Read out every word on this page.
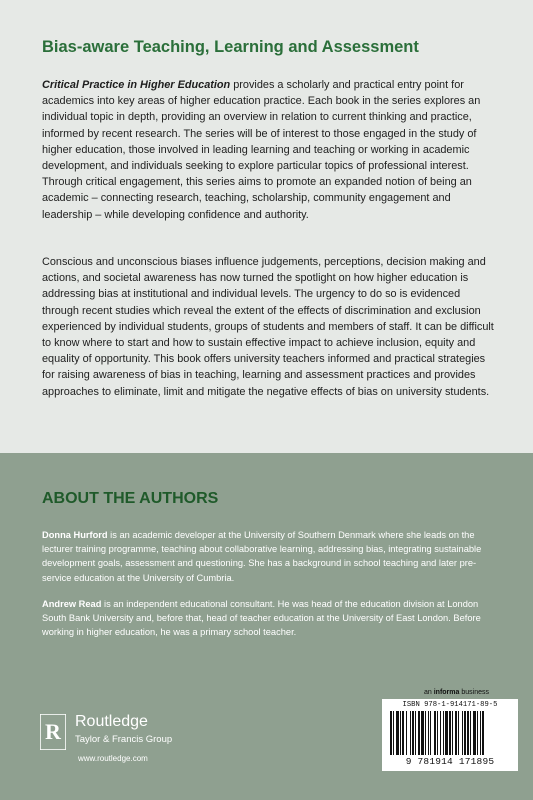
Bias-aware Teaching, Learning and Assessment

Critical Practice in Higher Education provides a scholarly and practical entry point for academics into key areas of higher education practice. Each book in the series explores an individual topic in depth, providing an overview in relation to current thinking and practice, informed by recent research. The series will be of interest to those engaged in the study of higher education, those involved in leading learning and teaching or working in academic development, and individuals seeking to explore particular topics of professional interest. Through critical engagement, this series aims to promote an expanded notion of being an academic – connecting research, teaching, scholarship, community engagement and leadership – while developing confidence and authority.

Conscious and unconscious biases influence judgements, perceptions, decision making and actions, and societal awareness has now turned the spotlight on how higher education is addressing bias at institutional and individual levels. The urgency to do so is evidenced through recent studies which reveal the extent of the effects of discrimination and exclusion experienced by individual students, groups of students and members of staff. It can be difficult to know where to start and how to sustain effective impact to achieve inclusion, equity and equality of opportunity. This book offers university teachers informed and practical strategies for raising awareness of bias in teaching, learning and assessment practices and provides approaches to eliminate, limit and mitigate the negative effects of bias on university students.

ABOUT THE AUTHORS

Donna Hurford is an academic developer at the University of Southern Denmark where she leads on the lecturer training programme, teaching about collaborative learning, addressing bias, integrating sustainable development goals, assessment and questioning. She has a background in school teaching and later pre-service education at the University of Cumbria.

Andrew Read is an independent educational consultant. He was head of the education division at London South Bank University and, before that, head of teacher education at the University of East London. Before working in higher education, he was a primary school teacher.

R Routledge
Taylor & Francis Group
www.routledge.com
an informa business
ISBN 978-1-914171-89-5
9 781914 171895
